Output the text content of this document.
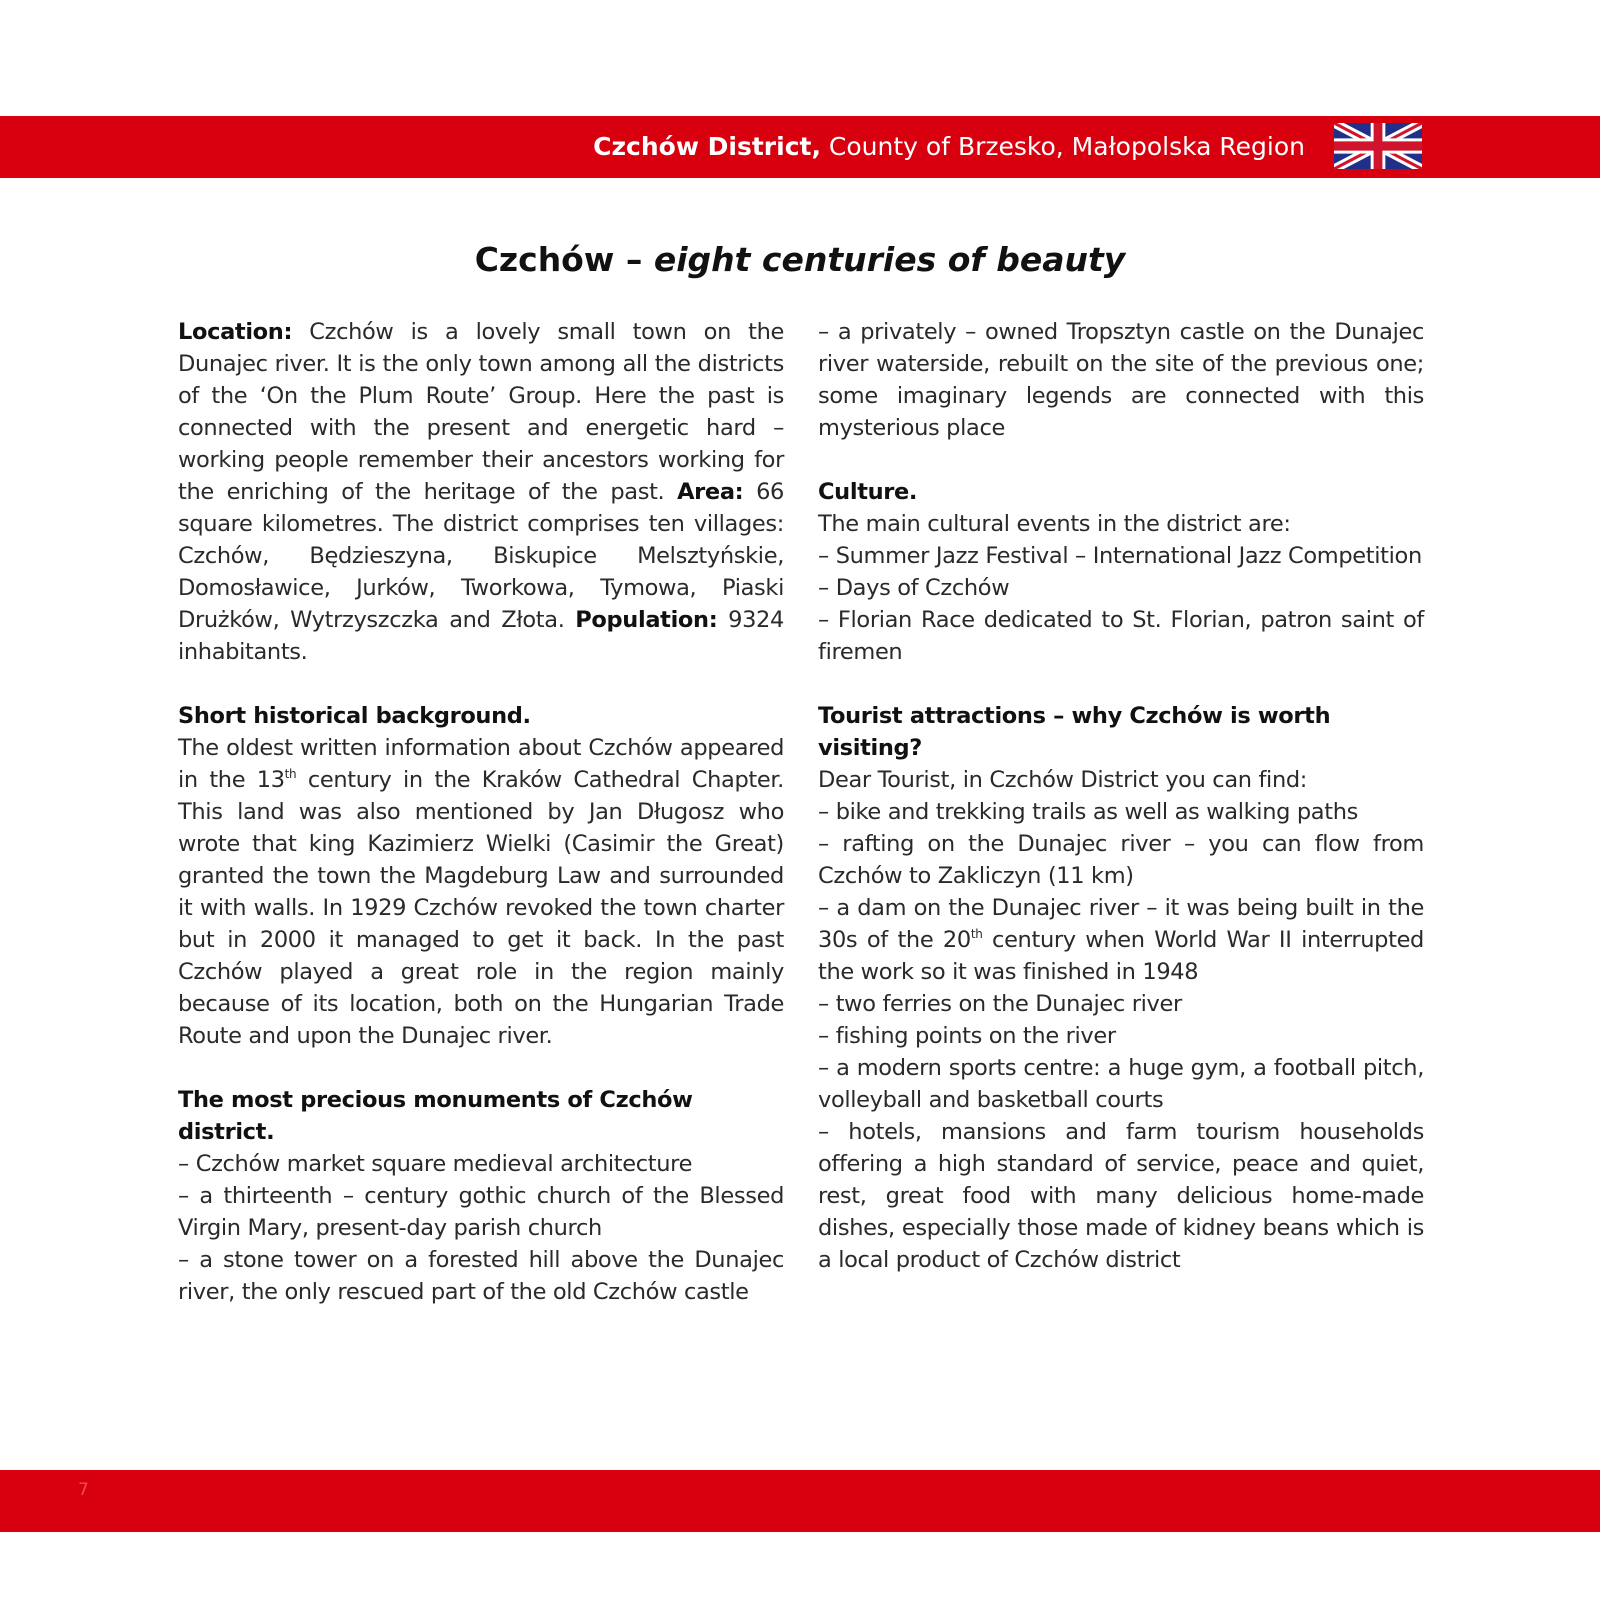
Czchów District, County of Brzesko, Małopolska Region
Czchów – eight centuries of beauty

Location: Czchów is a lovely small town on the Dunajec river. It is the only town among all the districts of the ‘On the Plum Route’ Group. Here the past is connected with the present and energetic hard – working people remember their ancestors working for the enriching of the heritage of the past. Area: 66 square kilometres. The district comprises ten villages: Czchów, Będzieszyna, Biskupice Melsztyńskie, Domosławice, Jurków, Tworkowa, Tymowa, Piaski Drużków, Wytrzyszczka and Złota. Population: 9324 inhabitants.

Short historical background.

The oldest written information about Czchów appeared in the 13th century in the Kraków Cathedral Chapter. This land was also mentioned by Jan Długosz who wrote that king Kazimierz Wielki (Casimir the Great) granted the town the Magdeburg Law and surrounded it with walls. In 1929 Czchów revoked the town charter but in 2000 it managed to get it back. In the past Czchów played a great role in the region mainly because of its location, both on the Hungarian Trade Route and upon the Dunajec river.

The most precious monuments of Czchów district.

– Czchów market square medieval architecture

– a thirteenth – century gothic church of the Blessed Virgin Mary, present-day parish church

– a stone tower on a forested hill above the Dunajec river, the only rescued part of the old Czchów castle

– a privately – owned Tropsztyn castle on the Dunajec river waterside, rebuilt on the site of the previous one; some imaginary legends are connected with this mysterious place

Culture.

The main cultural events in the district are:

– Summer Jazz Festival – International Jazz Competition

– Days of Czchów

– Florian Race dedicated to St. Florian, patron saint of firemen

Tourist attractions – why Czchów is worth visiting?

Dear Tourist, in Czchów District you can find:

– bike and trekking trails as well as walking paths

– rafting on the Dunajec river – you can flow from Czchów to Zakliczyn (11 km)

– a dam on the Dunajec river – it was being built in the 30s of the 20th century when World War II interrupted the work so it was finished in 1948

– two ferries on the Dunajec river

– fishing points on the river

– a modern sports centre: a huge gym, a football pitch, volleyball and basketball courts

– hotels, mansions and farm tourism households offering a high standard of service, peace and quiet, rest, great food with many delicious home-made dishes, especially those made of kidney beans which is a local product of Czchów district

7
